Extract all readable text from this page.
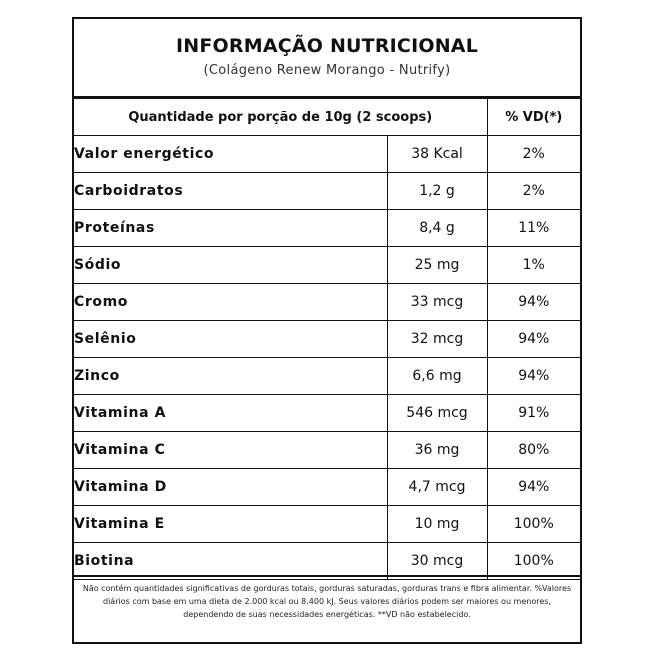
INFORMAÇÃO NUTRICIONAL
(Colágeno Renew Morango - Nutrify)
Quantidade por porção de 10g (2 scoops)		% VD(*)
Valor energético	38 Kcal	2%
Carboidratos	1,2 g	2%
Proteínas	8,4 g	11%
Sódio	25 mg	1%
Cromo	33 mcg	94%
Selênio	32 mcg	94%
Zinco	6,6 mg	94%
Vitamina A	546 mcg	91%
Vitamina C	36 mg	80%
Vitamina D	4,7 mcg	94%
Vitamina E	10 mg	100%
Biotina	30 mcg	100%
Não contém quantidades significativas de gorduras totais, gorduras saturadas, gorduras trans e fibra alimentar. %Valores diários com base em uma dieta de 2.000 kcal ou 8.400 kJ. Seus valores diários podem ser maiores ou menores, dependendo de suas necessidades energéticas. **VD não estabelecido.
